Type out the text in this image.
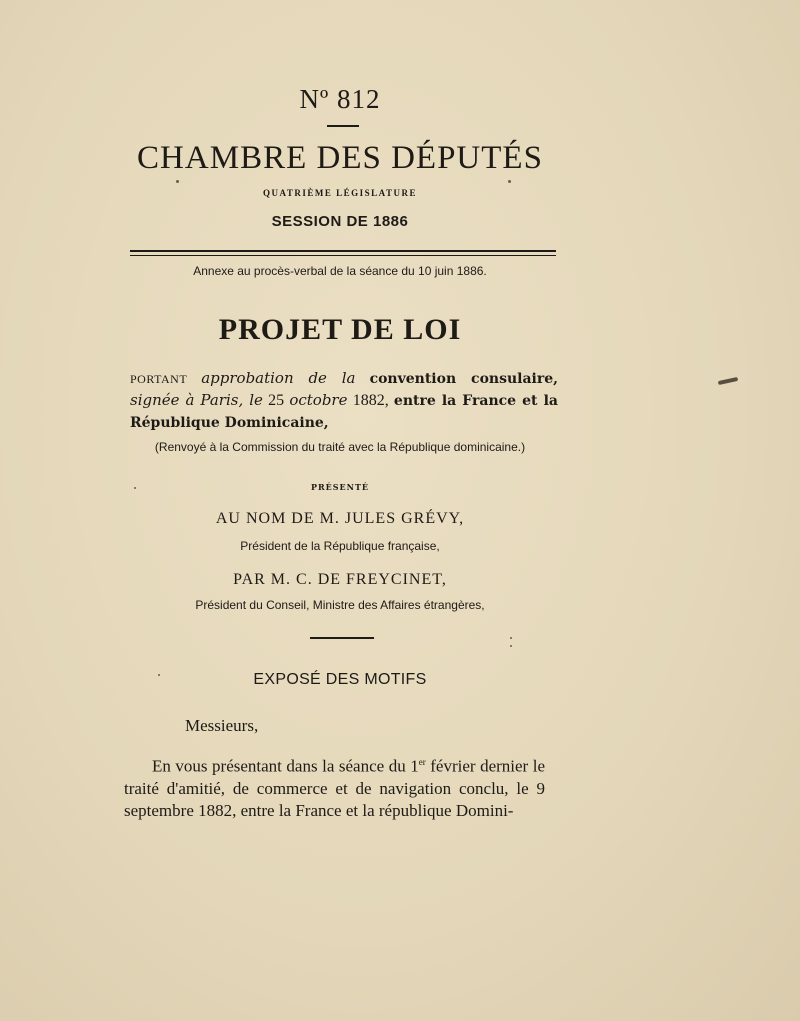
Nº 812
CHAMBRE DES DÉPUTÉS
QUATRIÈME LÉGISLATURE
SESSION DE 1886
Annexe au procès-verbal de la séance du 10 juin 1886.
PROJET DE LOI
PORTANT approbation de la convention consulaire, signée à Paris, le 25 octobre 1882, entre la France et la République Dominicaine,
(Renvoyé à la Commission du traité avec la République dominicaine.)
PRÉSENTÉ
AU NOM DE M. JULES GRÉVY,
Président de la République française,
PAR M. C. DE FREYCINET,
Président du Conseil, Ministre des Affaires étrangères,
EXPOSÉ DES MOTIFS
Messieurs,
En vous présentant dans la séance du 1er février dernier le traité d'amitié, de commerce et de navigation conclu, le 9 septembre 1882, entre la France et la république Domini-
